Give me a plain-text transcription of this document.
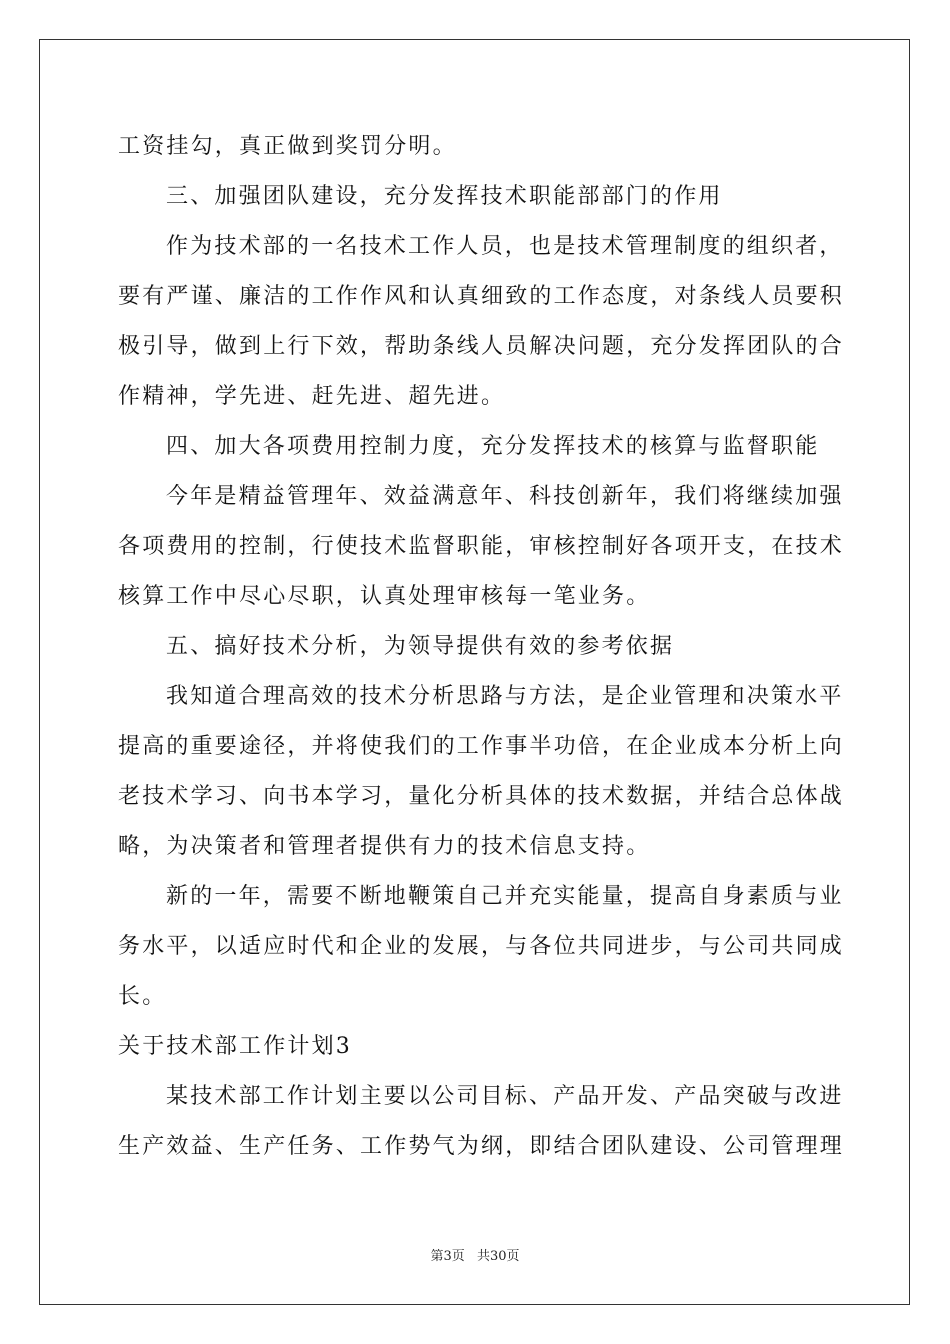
工资挂勾，真正做到奖罚分明。
三、加强团队建设，充分发挥技术职能部部门的作用
作为技术部的一名技术工作人员，也是技术管理制度的组织者，
要有严谨、廉洁的工作作风和认真细致的工作态度，对条线人员要积
极引导，做到上行下效，帮助条线人员解决问题，充分发挥团队的合
作精神，学先进、赶先进、超先进。
四、加大各项费用控制力度，充分发挥技术的核算与监督职能
今年是精益管理年、效益满意年、科技创新年，我们将继续加强
各项费用的控制，行使技术监督职能，审核控制好各项开支，在技术
核算工作中尽心尽职，认真处理审核每一笔业务。
五、搞好技术分析，为领导提供有效的参考依据
我知道合理高效的技术分析思路与方法，是企业管理和决策水平
提高的重要途径，并将使我们的工作事半功倍，在企业成本分析上向
老技术学习、向书本学习，量化分析具体的技术数据，并结合总体战
略，为决策者和管理者提供有力的技术信息支持。
新的一年，需要不断地鞭策自己并充实能量，提高自身素质与业
务水平，以适应时代和企业的发展，与各位共同进步，与公司共同成
长。
关于技术部工作计划3
某技术部工作计划主要以公司目标、产品开发、产品突破与改进
生产效益、生产任务、工作势气为纲，即结合团队建设、公司管理理
第3页 共30页
